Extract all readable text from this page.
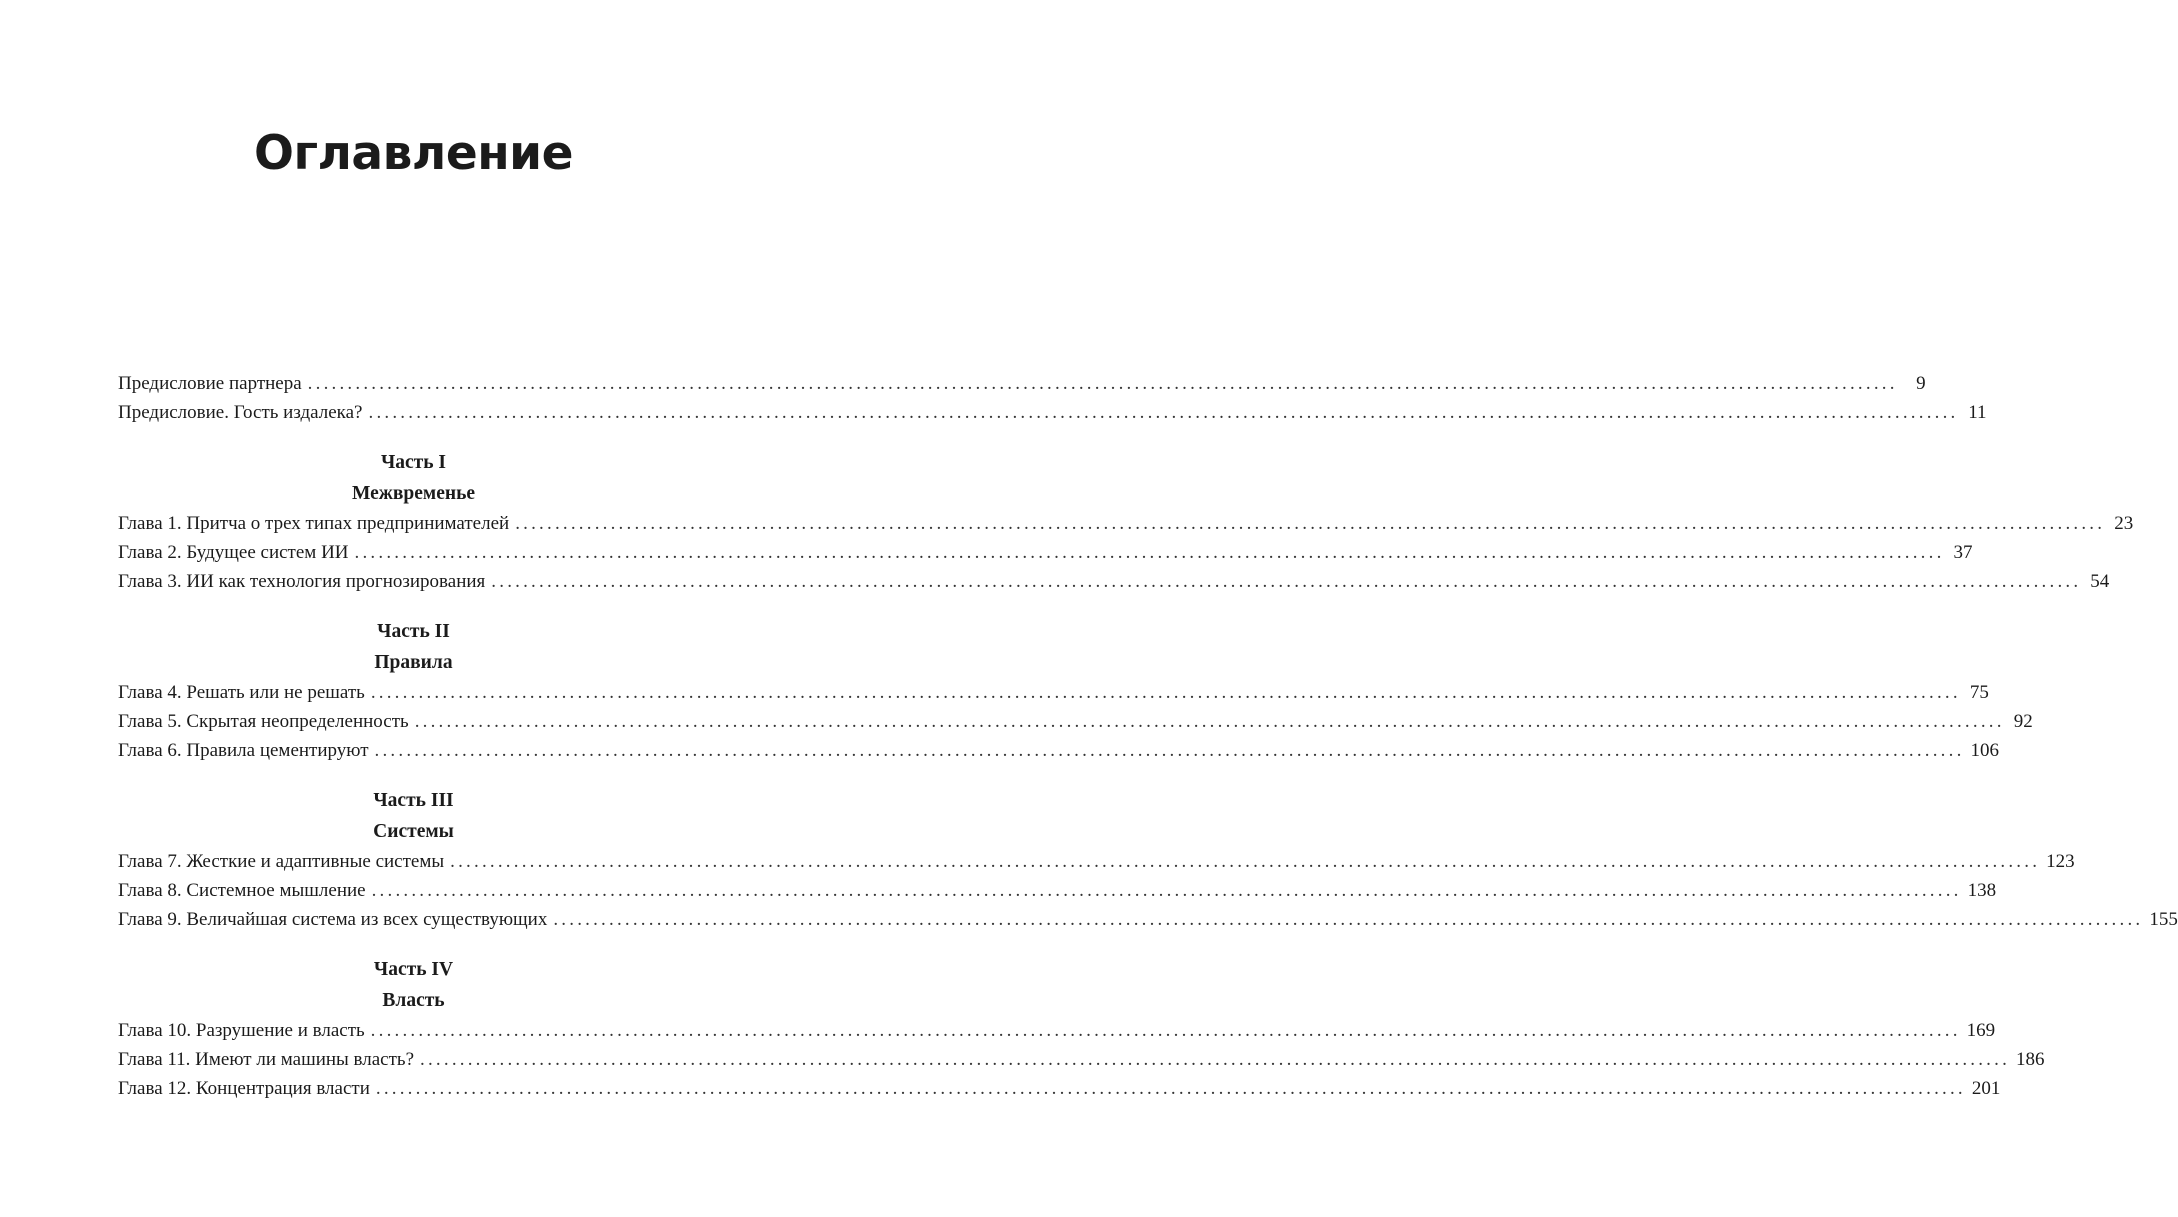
Оглавление
Предисловие партнера ........................................................................................................................................................................................................ 9
Предисловие. Гость издалека? ........................................................................................................................................................................................................ 11
Часть I
Межвременье
Глава 1. Притча о трех типах предпринимателей ........................................................................................................................................................................................................ 23
Глава 2. Будущее систем ИИ ........................................................................................................................................................................................................ 37
Глава 3. ИИ как технология прогнозирования ........................................................................................................................................................................................................ 54
Часть II
Правила
Глава 4. Решать или не решать ........................................................................................................................................................................................................ 75
Глава 5. Скрытая неопределенность ........................................................................................................................................................................................................ 92
Глава 6. Правила цементируют ........................................................................................................................................................................................................ 106
Часть III
Системы
Глава 7. Жесткие и адаптивные системы ........................................................................................................................................................................................................ 123
Глава 8. Системное мышление ........................................................................................................................................................................................................ 138
Глава 9. Величайшая система из всех существующих ........................................................................................................................................................................................................ 155
Часть IV
Власть
Глава 10. Разрушение и власть ........................................................................................................................................................................................................ 169
Глава 11. Имеют ли машины власть? ........................................................................................................................................................................................................ 186
Глава 12. Концентрация власти ........................................................................................................................................................................................................ 201
